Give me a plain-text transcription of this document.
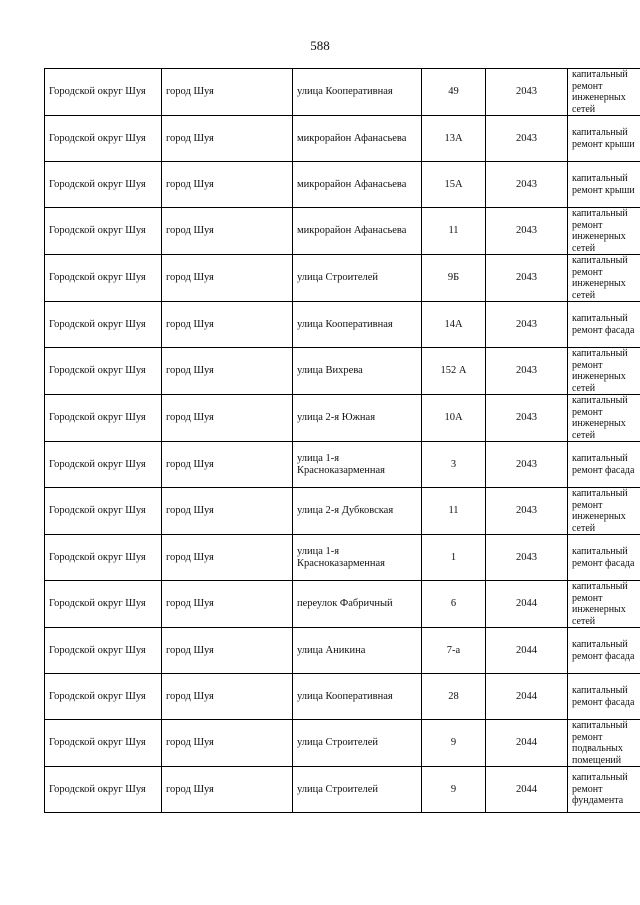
588
Городской округ Шуя	город Шуя	улица Кооперативная	49	2043	капитальный ремонт инженерных сетей
Городской округ Шуя	город Шуя	микрорайон Афанасьева	13А	2043	капитальный ремонт крыши
Городской округ Шуя	город Шуя	микрорайон Афанасьева	15А	2043	капитальный ремонт крыши
Городской округ Шуя	город Шуя	микрорайон Афанасьева	11	2043	капитальный ремонт инженерных сетей
Городской округ Шуя	город Шуя	улица Строителей	9Б	2043	капитальный ремонт инженерных сетей
Городской округ Шуя	город Шуя	улица Кооперативная	14А	2043	капитальный ремонт фасада
Городской округ Шуя	город Шуя	улица Вихрева	152 А	2043	капитальный ремонт инженерных сетей
Городской округ Шуя	город Шуя	улица 2-я Южная	10А	2043	капитальный ремонт инженерных сетей
Городской округ Шуя	город Шуя	улица 1-я Красноказарменная	3	2043	капитальный ремонт фасада
Городской округ Шуя	город Шуя	улица 2-я Дубковская	11	2043	капитальный ремонт инженерных сетей
Городской округ Шуя	город Шуя	улица 1-я Красноказарменная	1	2043	капитальный ремонт фасада
Городской округ Шуя	город Шуя	переулок Фабричный	6	2044	капитальный ремонт инженерных сетей
Городской округ Шуя	город Шуя	улица Аникина	7-а	2044	капитальный ремонт фасада
Городской округ Шуя	город Шуя	улица Кооперативная	28	2044	капитальный ремонт фасада
Городской округ Шуя	город Шуя	улица Строителей	9	2044	капитальный ремонт подвальных помещений
Городской округ Шуя	город Шуя	улица Строителей	9	2044	капитальный ремонт фундамента
